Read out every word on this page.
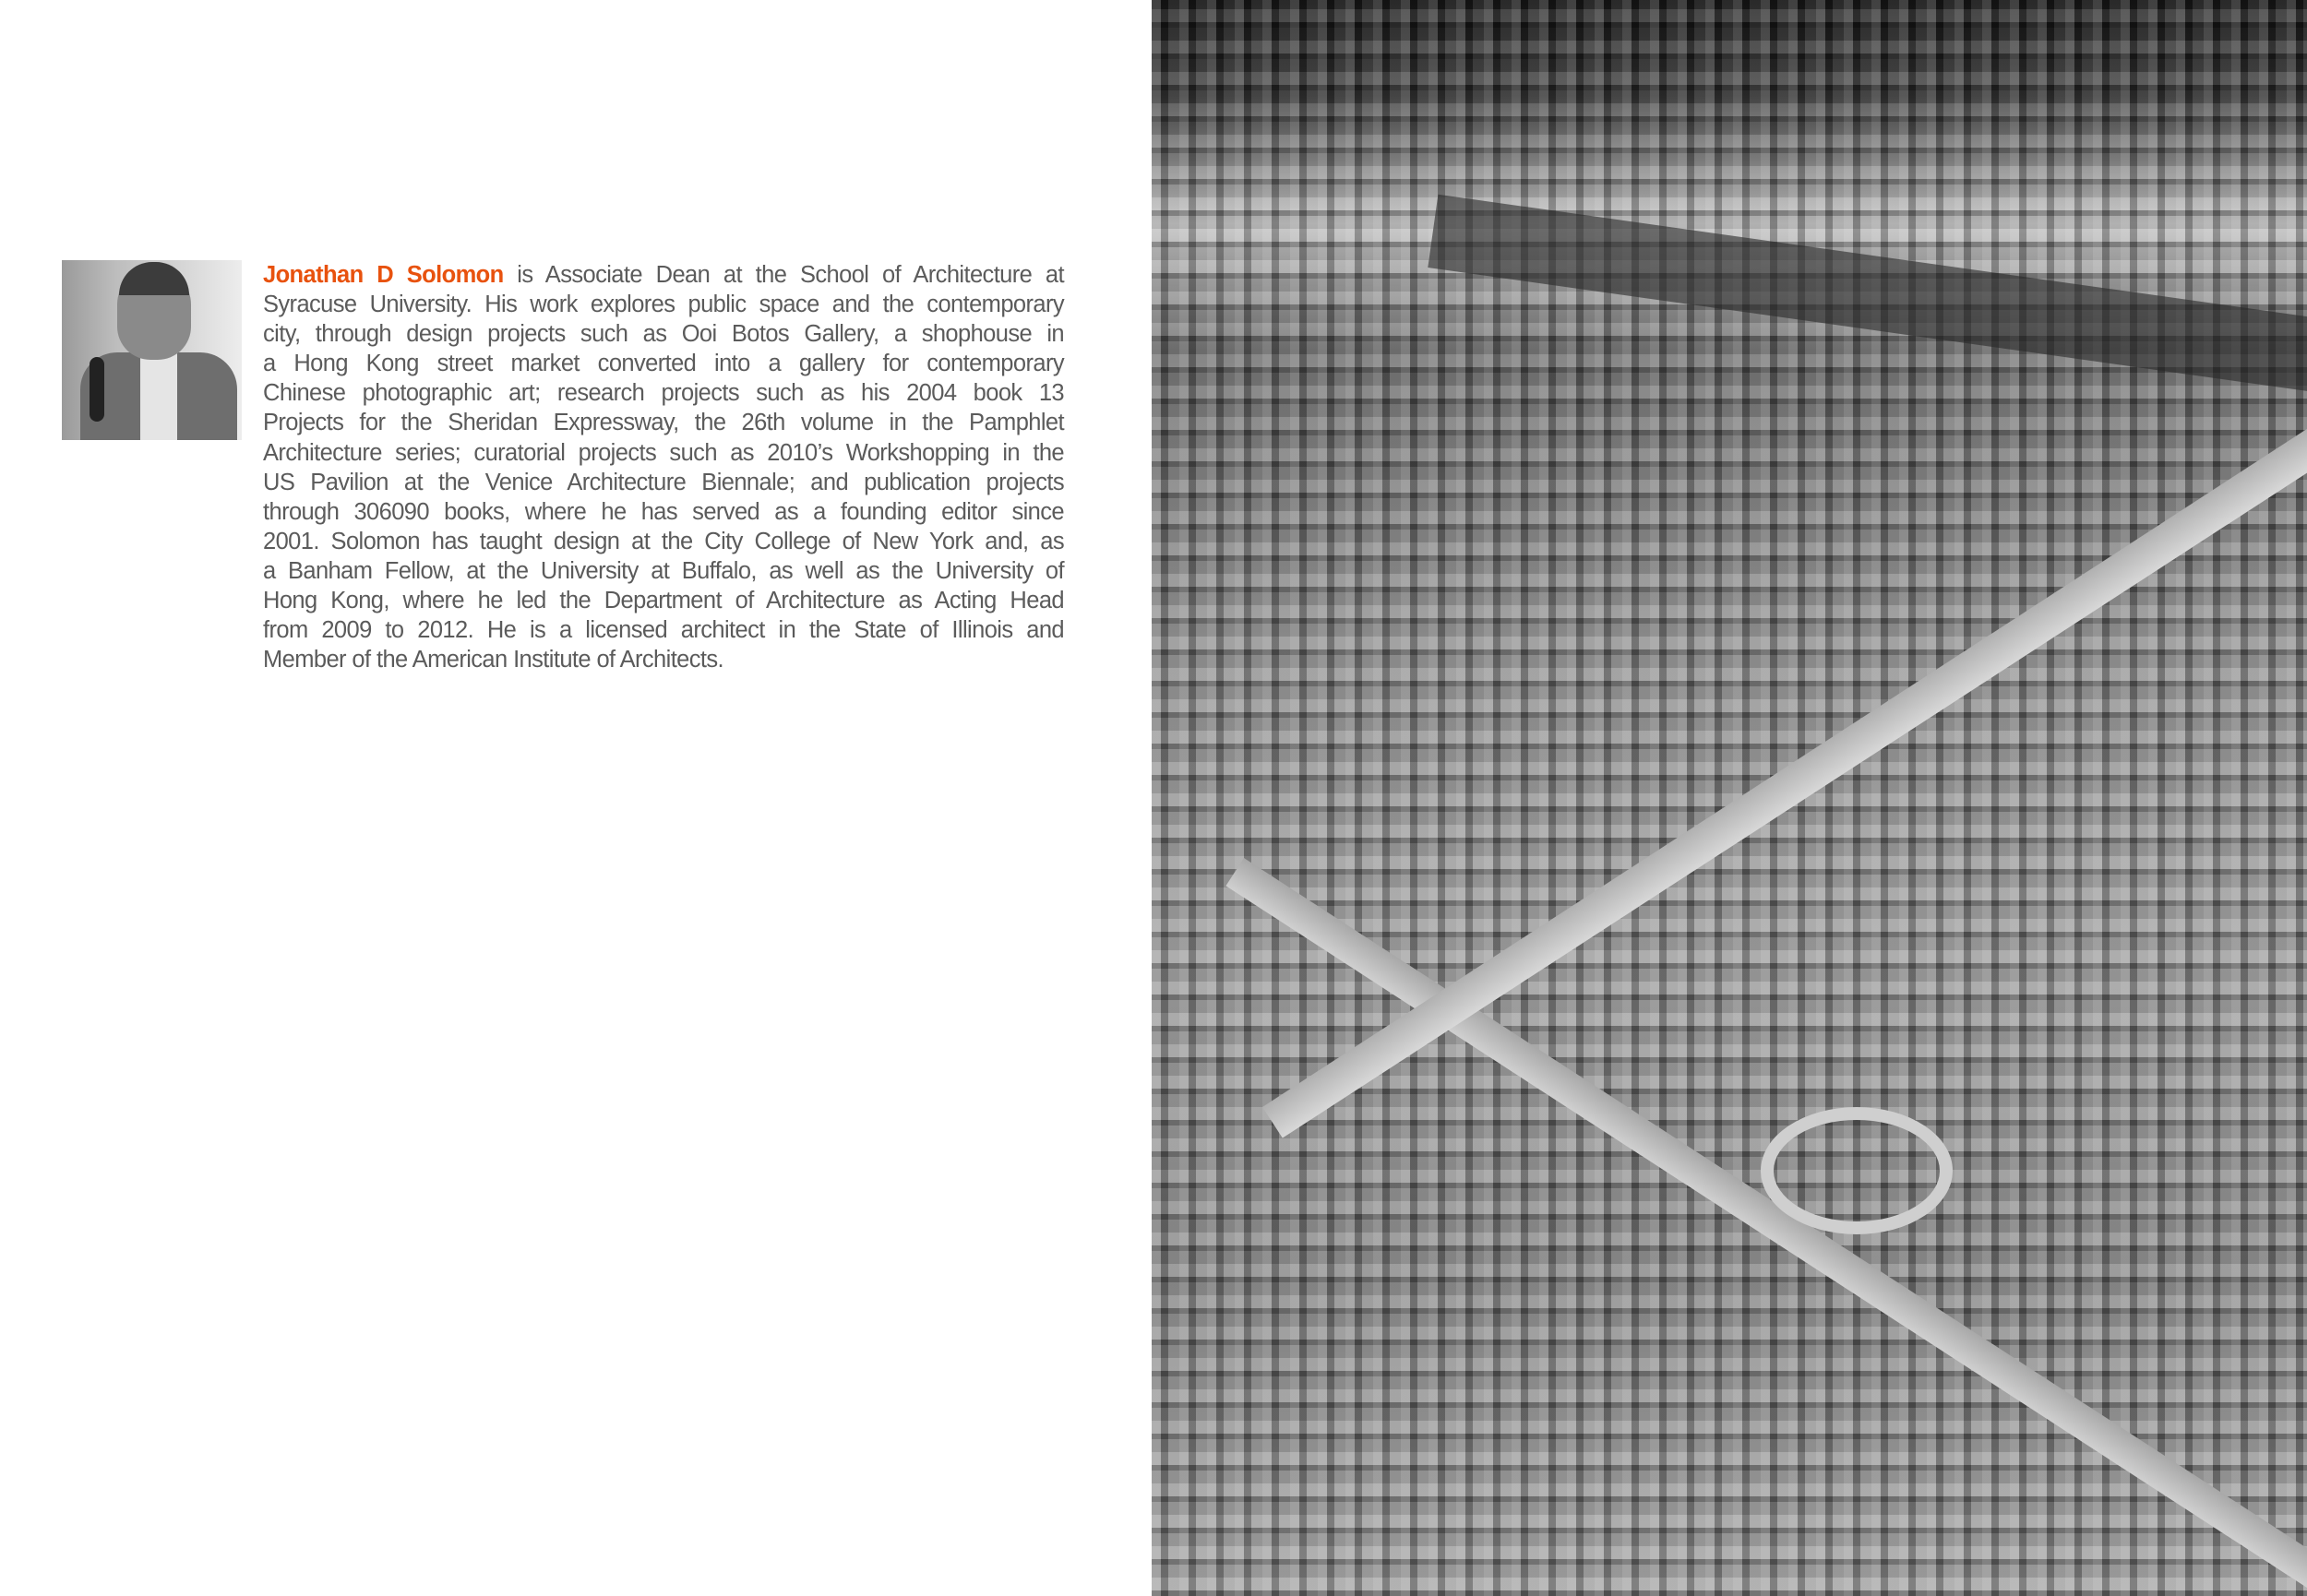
Jonathan D Solomon is Associate Dean at the School of Architecture at
Syracuse University. His work explores public space and the contemporary
city, through design projects such as Ooi Botos Gallery, a shophouse in
a Hong Kong street market converted into a gallery for contemporary
Chinese photographic art; research projects such as his 2004 book 13
Projects for the Sheridan Expressway, the 26th volume in the Pamphlet
Architecture series; curatorial projects such as 2010’s Workshopping in the
US Pavilion at the Venice Architecture Biennale; and publication projects
through 306090 books, where he has served as a founding editor since
2001. Solomon has taught design at the City College of New York and, as
a Banham Fellow, at the University at Buffalo, as well as the University of
Hong Kong, where he led the Department of Architecture as Acting Head
from 2009 to 2012. He is a licensed architect in the State of Illinois and
Member of the American Institute of Architects.
